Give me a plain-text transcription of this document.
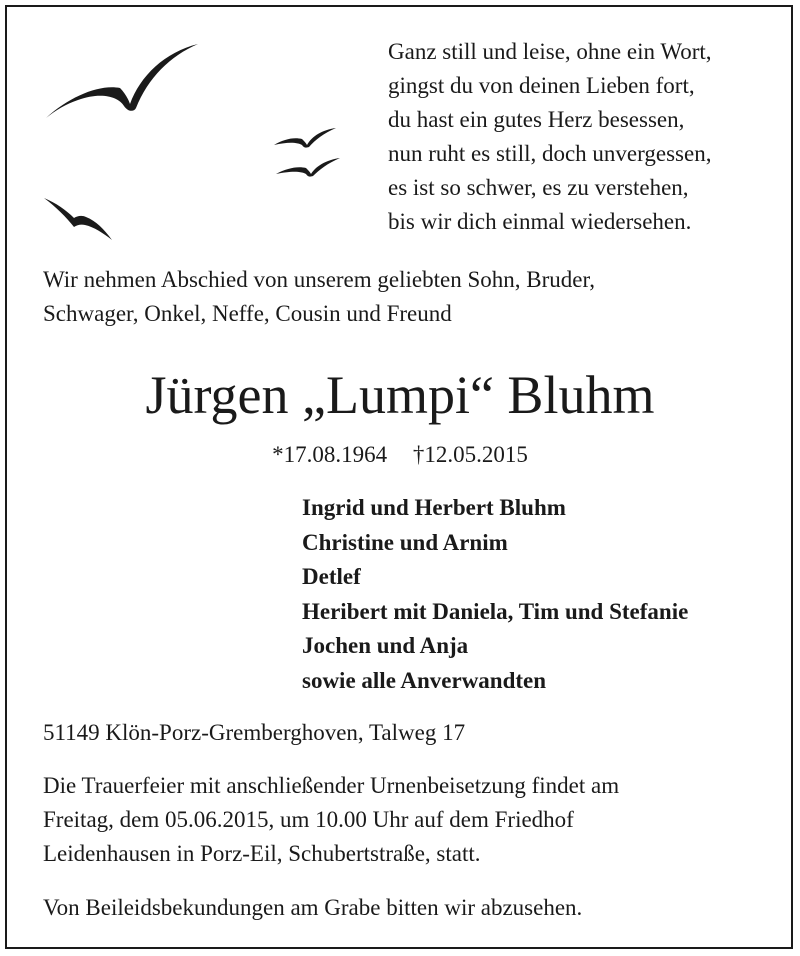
Ganz still und leise, ohne ein Wort,
gingst du von deinen Lieben fort,
du hast ein gutes Herz besessen,
nun ruht es still, doch unvergessen,
es ist so schwer, es zu verstehen,
bis wir dich einmal wiedersehen.
Wir nehmen Abschied von unserem geliebten Sohn, Bruder,
Schwager, Onkel, Neffe, Cousin und Freund
Jürgen „Lumpi“ Bluhm
*17.08.1964 †12.05.2015
Ingrid und Herbert Bluhm
Christine und Arnim
Detlef
Heribert mit Daniela, Tim und Stefanie
Jochen und Anja
sowie alle Anverwandten
51149 Klön-Porz-Gremberghoven, Talweg 17
Die Trauerfeier mit anschließender Urnenbeisetzung findet am
Freitag, dem 05.06.2015, um 10.00 Uhr auf dem Friedhof
Leidenhausen in Porz-Eil, Schubertstraße, statt.
Von Beileidsbekundungen am Grabe bitten wir abzusehen.
